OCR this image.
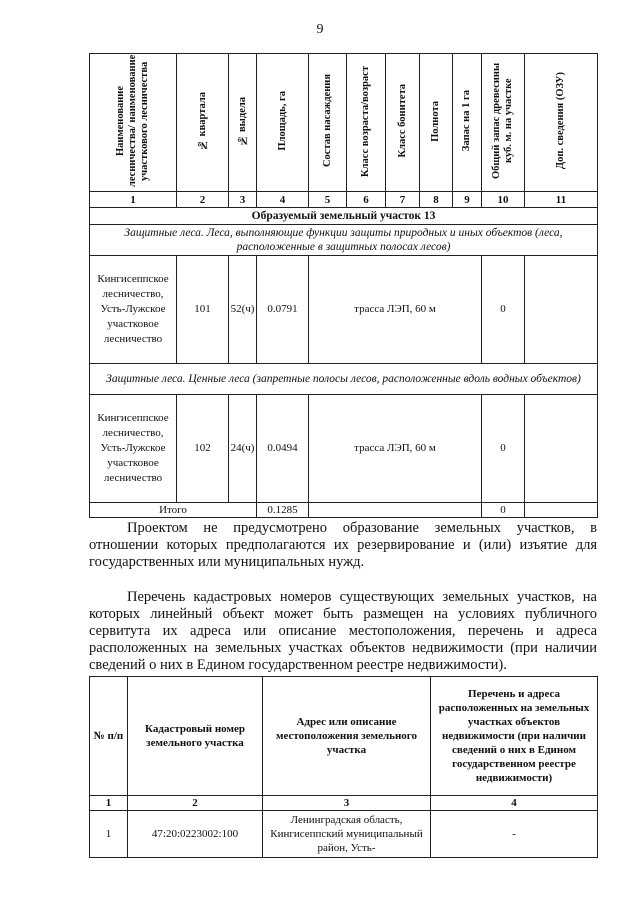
9
Наименование лесничества/ наименование участкового лесничества	№ квартала	№ выдела	Площадь, га	Состав насаждения	Класс возраста/возраст	Класс бонитета	Полнота	Запас на 1 га	Общий запас древесины куб. м. на участке	Доп. сведения (ОЗУ)
1	2	3	4	5	6	7	8	9	10	11
Образуемый земельный участок 13										
Защитные леса. Леса, выполняющие функции защиты природных и иных объектов (леса, расположенные в защитных полосах лесов)										
Кингисеппское лесничество, Усть-Лужское участковое лесничество	101	52(ч)	0.0791	трасса ЛЭП, 60 м					0	
Защитные леса. Ценные леса (запретные полосы лесов, расположенные вдоль водных объектов)										
Кингисеппское лесничество, Усть-Лужское участковое лесничество	102	24(ч)	0.0494	трасса ЛЭП, 60 м					0	
Итого			0.1285						0	

Проектом не предусмотрено образование земельных участков, в отношении которых предполагаются их резервирование и (или) изъятие для государственных или муниципальных нужд.

Перечень кадастровых номеров существующих земельных участков, на которых линейный объект может быть размещен на условиях публичного сервитута их адреса или описание местоположения, перечень и адреса расположенных на земельных участках объектов недвижимости (при наличии сведений о них в Едином государственном реестре недвижимости).

№ п/п	Кадастровый номер земельного участка	Адрес или описание местоположения земельного участка	Перечень и адреса расположенных на земельных участках объектов недвижимости (при наличии сведений о них в Едином государственном реестре недвижимости)
1	2	3	4
1	47:20:0223002:100	Ленинградская область, Кингисеппский муниципальный район, Усть-	-
